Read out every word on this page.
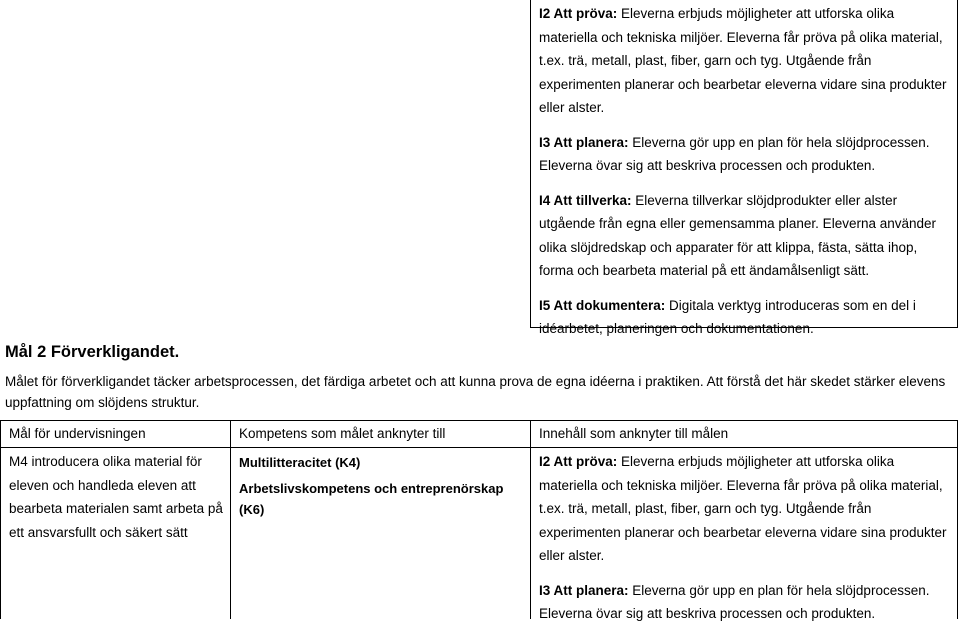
I2 Att pröva: Eleverna erbjuds möjligheter att utforska olika materiella och tekniska miljöer. Eleverna får pröva på olika material, t.ex. trä, metall, plast, fiber, garn och tyg. Utgående från experimenten planerar och bearbetar eleverna vidare sina produkter eller alster.

I3 Att planera: Eleverna gör upp en plan för hela slöjdprocessen. Eleverna övar sig att beskriva processen och produkten.

I4 Att tillverka: Eleverna tillverkar slöjdprodukter eller alster utgående från egna eller gemensamma planer. Eleverna använder olika slöjdredskap och apparater för att klippa, fästa, sätta ihop, forma och bearbeta material på ett ändamålsenligt sätt.

I5 Att dokumentera: Digitala verktyg introduceras som en del i idéarbetet, planeringen och dokumentationen.

Mål 2 Förverkligandet.
Målet för förverkligandet täcker arbetsprocessen, det färdiga arbetet och att kunna prova de egna idéerna i praktiken. Att förstå det här skedet stärker elevens uppfattning om slöjdens struktur.
Mål för undervisningen	Kompetens som målet anknyter till	Innehåll som anknyter till målen
M4 introducera olika material för eleven och handleda eleven att bearbeta materialen samt arbeta på ett ansvarsfullt och säkert sätt
Multilitteracitet (K4)
Arbetslivskompetens och entreprenörskap (K6)

I2 Att pröva: Eleverna erbjuds möjligheter att utforska olika materiella och tekniska miljöer. Eleverna får pröva på olika material, t.ex. trä, metall, plast, fiber, garn och tyg. Utgående från experimenten planerar och bearbetar eleverna vidare sina produkter eller alster.

I3 Att planera: Eleverna gör upp en plan för hela slöjdprocessen. Eleverna övar sig att beskriva processen och produkten.
